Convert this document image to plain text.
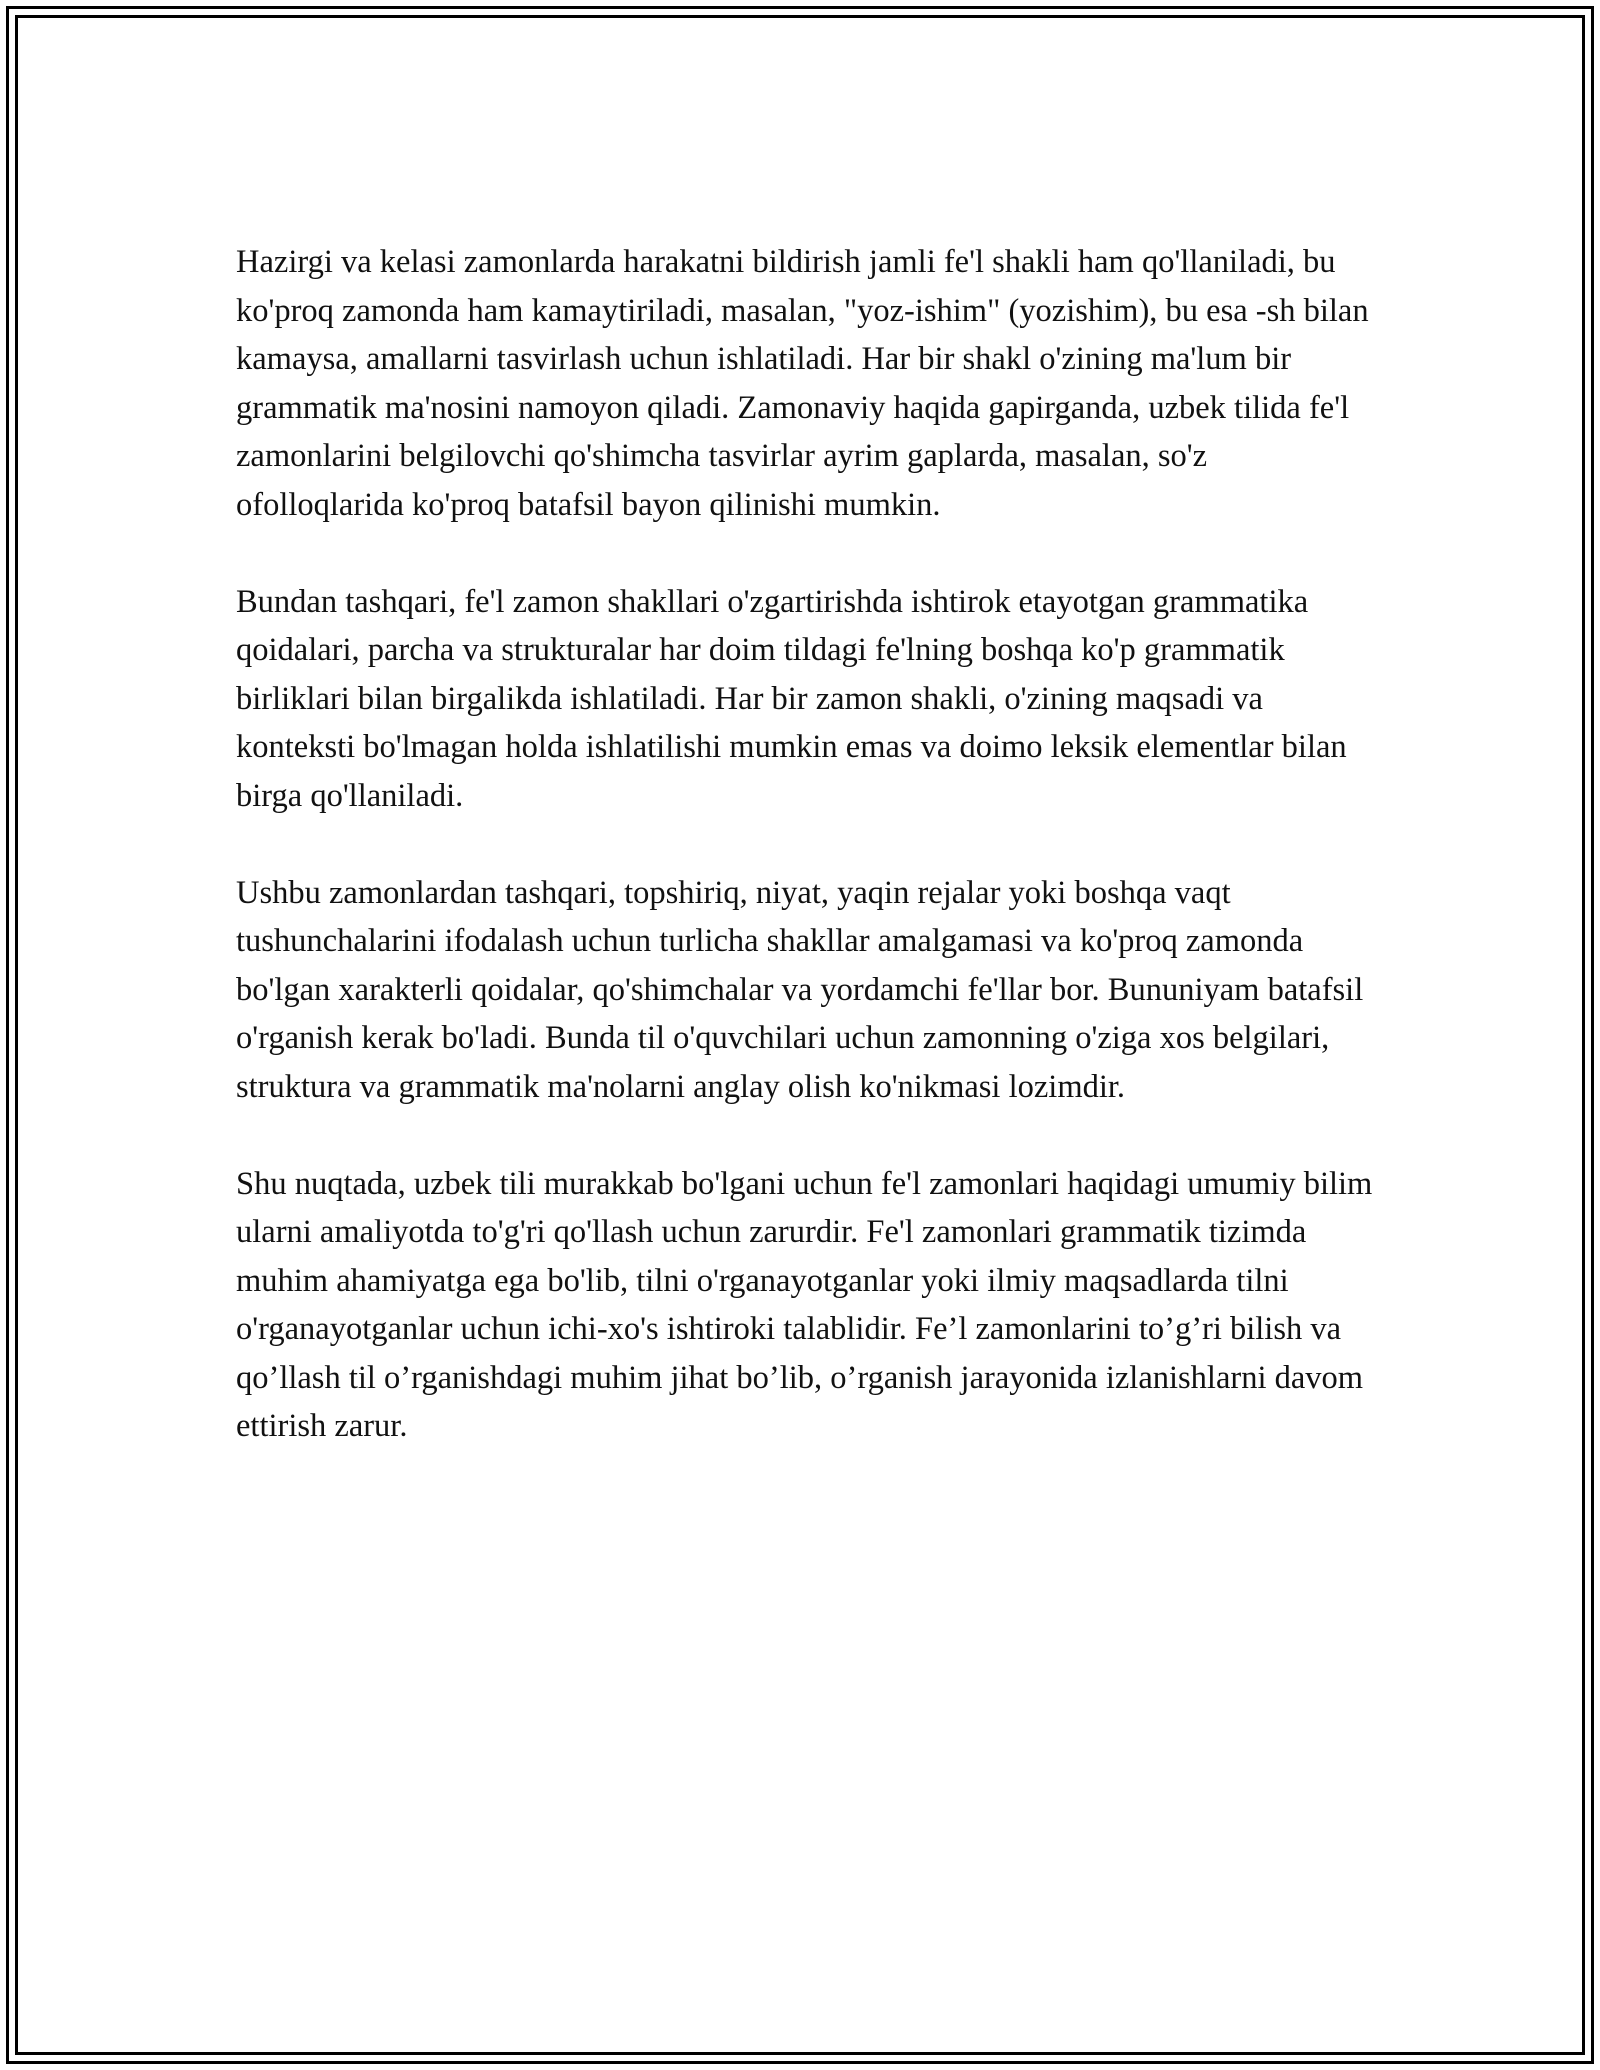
Hazirgi va kelasi zamonlarda harakatni bildirish jamli fe'l shakli ham qo'llaniladi, bu ko'proq zamonda ham kamaytiriladi, masalan, "yoz-ishim" (yozishim), bu esa -sh bilan kamaysa, amallarni tasvirlash uchun ishlatiladi. Har bir shakl o'zining ma'lum bir grammatik ma'nosini namoyon qiladi. Zamonaviy haqida gapirganda, uzbek tilida fe'l zamonlarini belgilovchi qo'shimcha tasvirlar ayrim gaplarda, masalan, so'z ofolloqlarida ko'proq batafsil bayon qilinishi mumkin.

Bundan tashqari, fe'l zamon shakllari o'zgartirishda ishtirok etayotgan grammatika qoidalari, parcha va strukturalar har doim tildagi fe'lning boshqa ko'p grammatik birliklari bilan birgalikda ishlatiladi. Har bir zamon shakli, o'zining maqsadi va konteksti bo'lmagan holda ishlatilishi mumkin emas va doimo leksik elementlar bilan birga qo'llaniladi.

Ushbu zamonlardan tashqari, topshiriq, niyat, yaqin rejalar yoki boshqa vaqt tushunchalarini ifodalash uchun turlicha shakllar amalgamasi va ko'proq zamonda bo'lgan xarakterli qoidalar, qo'shimchalar va yordamchi fe'llar bor. Bununiyam batafsil o'rganish kerak bo'ladi. Bunda til o'quvchilari uchun zamonning o'ziga xos belgilari, struktura va grammatik ma'nolarni anglay olish ko'nikmasi lozimdir.

Shu nuqtada, uzbek tili murakkab bo'lgani uchun fe'l zamonlari haqidagi umumiy bilim ularni amaliyotda to'g'ri qo'llash uchun zarurdir. Fe'l zamonlari grammatik tizimda muhim ahamiyatga ega bo'lib, tilni o'rganayotganlar yoki ilmiy maqsadlarda tilni o'rganayotganlar uchun ichi-xo's ishtiroki talablidir. Fe’l zamonlarini to’g’ri bilish va qo’llash til o’rganishdagi muhim jihat bo’lib, o’rganish jarayonida izlanishlarni davom ettirish zarur.
